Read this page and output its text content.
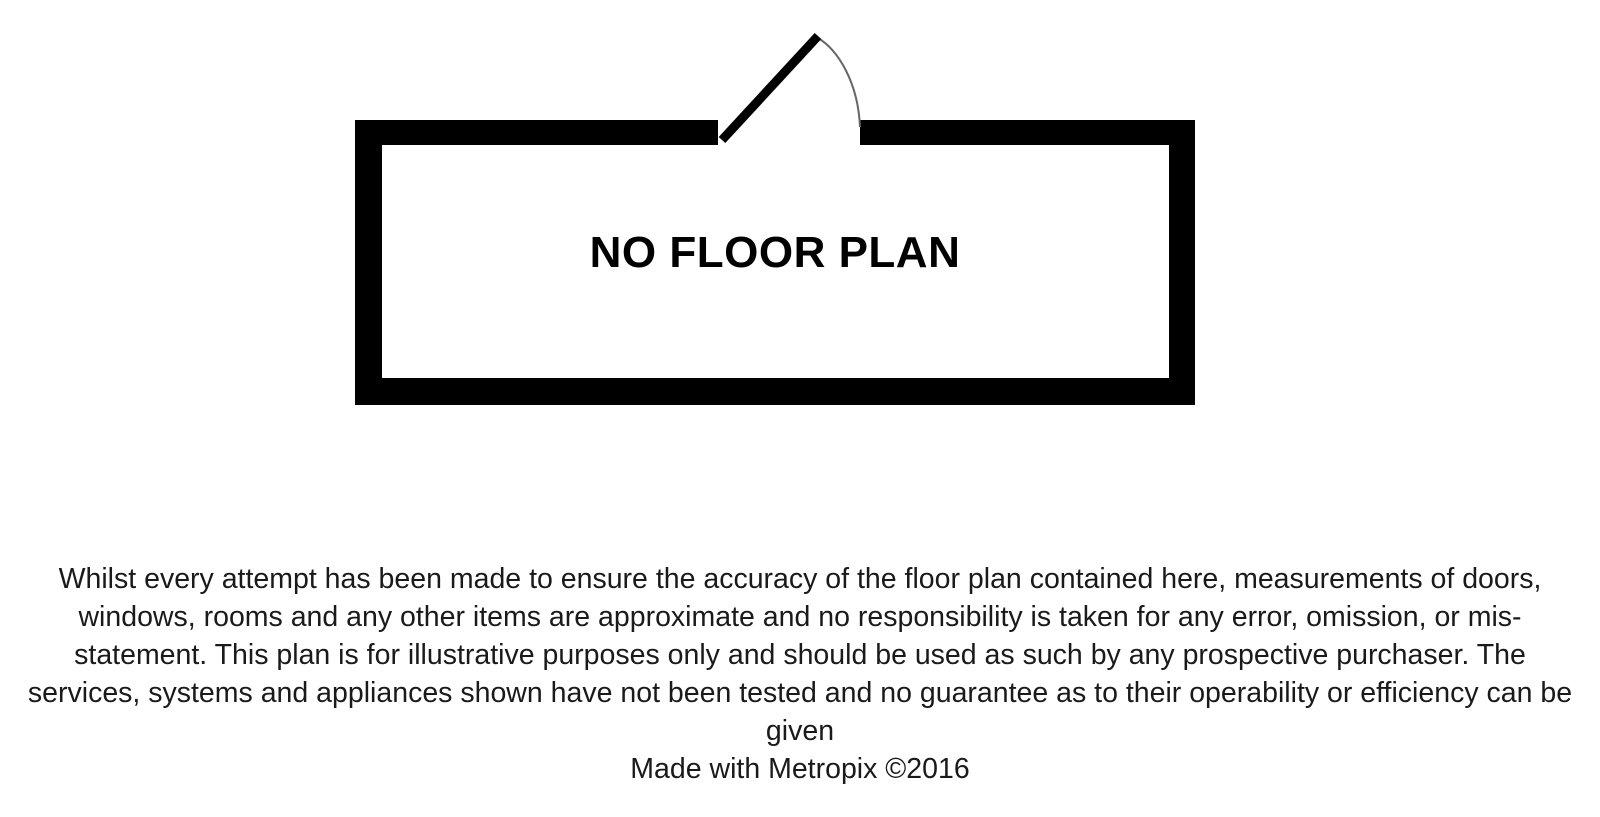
NO FLOOR PLAN

Whilst every attempt has been made to ensure the accuracy of the floor plan contained here, measurements of doors, windows, rooms and any other items are approximate and no responsibility is taken for any error, omission, or mis-statement. This plan is for illustrative purposes only and should be used as such by any prospective purchaser. The services, systems and appliances shown have not been tested and no guarantee as to their operability or efficiency can be given

Made with Metropix ©2016
